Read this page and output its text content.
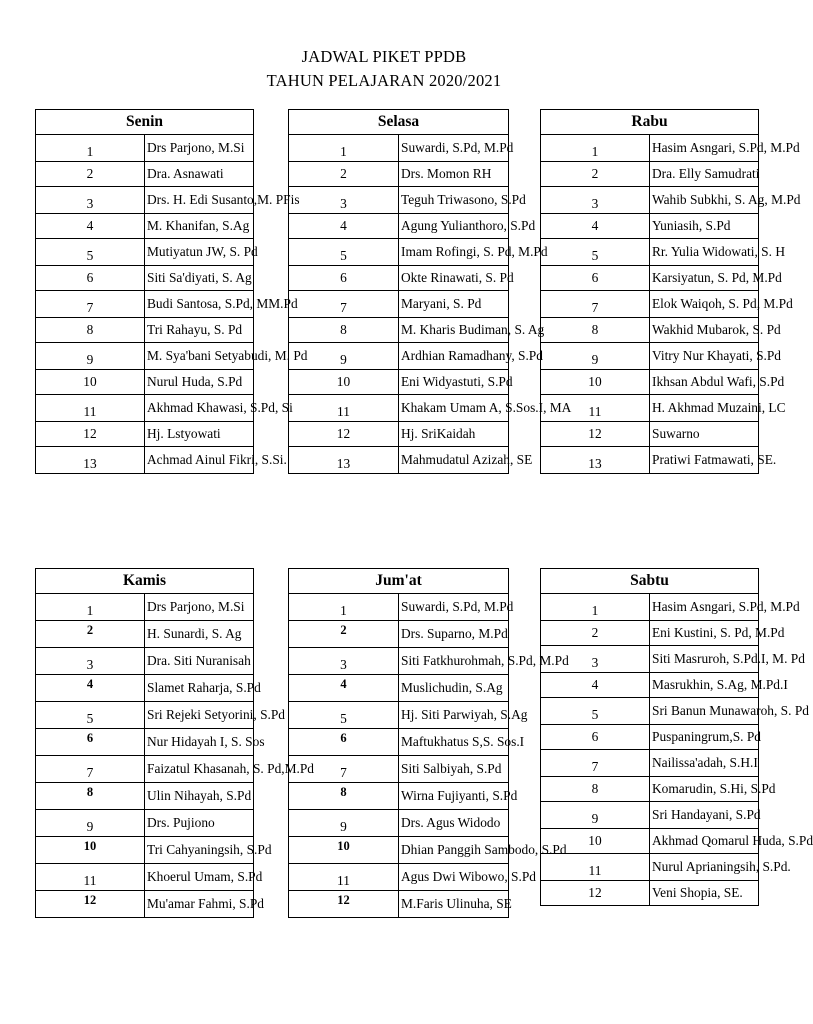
JADWAL PIKET PPDB
TAHUN PELAJARAN 2020/2021
Senin	
1	Drs Parjono, M.Si
2	Dra. Asnawati
3	Drs. H. Edi Susanto,M. PFis
4	M. Khanifan, S.Ag
5	Mutiyatun JW, S. Pd
6	Siti Sa'diyati, S. Ag
7	Budi Santosa, S.Pd, MM.Pd
8	Tri Rahayu, S. Pd
9	M. Sya'bani Setyabudi, M. Pd
10	Nurul Huda, S.Pd
11	Akhmad Khawasi, S.Pd, Si
12	Hj. Lstyowati
13	Achmad Ainul Fikri, S.Si.
Selasa	
1	Suwardi, S.Pd, M.Pd
2	Drs. Momon RH
3	Teguh Triwasono, S.Pd
4	Agung Yulianthoro, S.Pd
5	Imam Rofingi, S. Pd, M.Pd
6	Okte Rinawati, S. Pd
7	Maryani, S. Pd
8	M. Kharis Budiman, S. Ag
9	Ardhian Ramadhany, S.Pd
10	Eni Widyastuti, S.Pd
11	Khakam Umam A, S.Sos.I, MA
12	Hj. SriKaidah
13	Mahmudatul Azizah, SE
Rabu	
1	Hasim Asngari, S.Pd, M.Pd
2	Dra. Elly Samudrati
3	Wahib Subkhi, S. Ag, M.Pd
4	Yuniasih, S.Pd
5	Rr. Yulia Widowati, S. H
6	Karsiyatun, S. Pd, M.Pd
7	Elok Waiqoh, S. Pd, M.Pd
8	Wakhid Mubarok, S. Pd
9	Vitry Nur Khayati, S.Pd
10	Ikhsan Abdul Wafi, S.Pd
11	H. Akhmad Muzaini, LC
12	Suwarno
13	Pratiwi Fatmawati, SE.
Kamis	
1	Drs Parjono, M.Si
2	H. Sunardi, S. Ag
3	Dra. Siti Nuranisah
4	Slamet Raharja, S.Pd
5	Sri Rejeki Setyorini, S.Pd
6	Nur Hidayah I, S. Sos
7	Faizatul Khasanah, S. Pd,M.Pd
8	Ulin Nihayah, S.Pd
9	Drs. Pujiono
10	Tri Cahyaningsih, S.Pd
11	Khoerul Umam, S.Pd
12	Mu'amar Fahmi, S.Pd
Jum'at	
1	Suwardi, S.Pd, M.Pd
2	Drs. Suparno, M.Pd
3	Siti Fatkhurohmah, S.Pd, M.Pd
4	Muslichudin, S.Ag
5	Hj. Siti Parwiyah, S.Ag
6	Maftukhatus S,S. Sos.I
7	Siti Salbiyah, S.Pd
8	Wirna Fujiyanti, S.Pd
9	Drs. Agus Widodo
10	Dhian Panggih Sambodo, S.Pd
11	Agus Dwi Wibowo, S.Pd
12	M.Faris Ulinuha, SE
Sabtu	
1	Hasim Asngari, S.Pd, M.Pd
2	Eni Kustini, S. Pd, M.Pd
3	Siti Masruroh, S.Pd.I, M. Pd
4	Masrukhin, S.Ag, M.Pd.I
5	Sri Banun Munawaroh, S. Pd
6	Puspaningrum,S. Pd
7	Nailissa'adah, S.H.I
8	Komarudin, S.Hi, S.Pd
9	Sri Handayani, S.Pd
10	Akhmad Qomarul Huda, S.Pd
11	Nurul Aprianingsih, S.Pd.
12	Veni Shopia, SE.
